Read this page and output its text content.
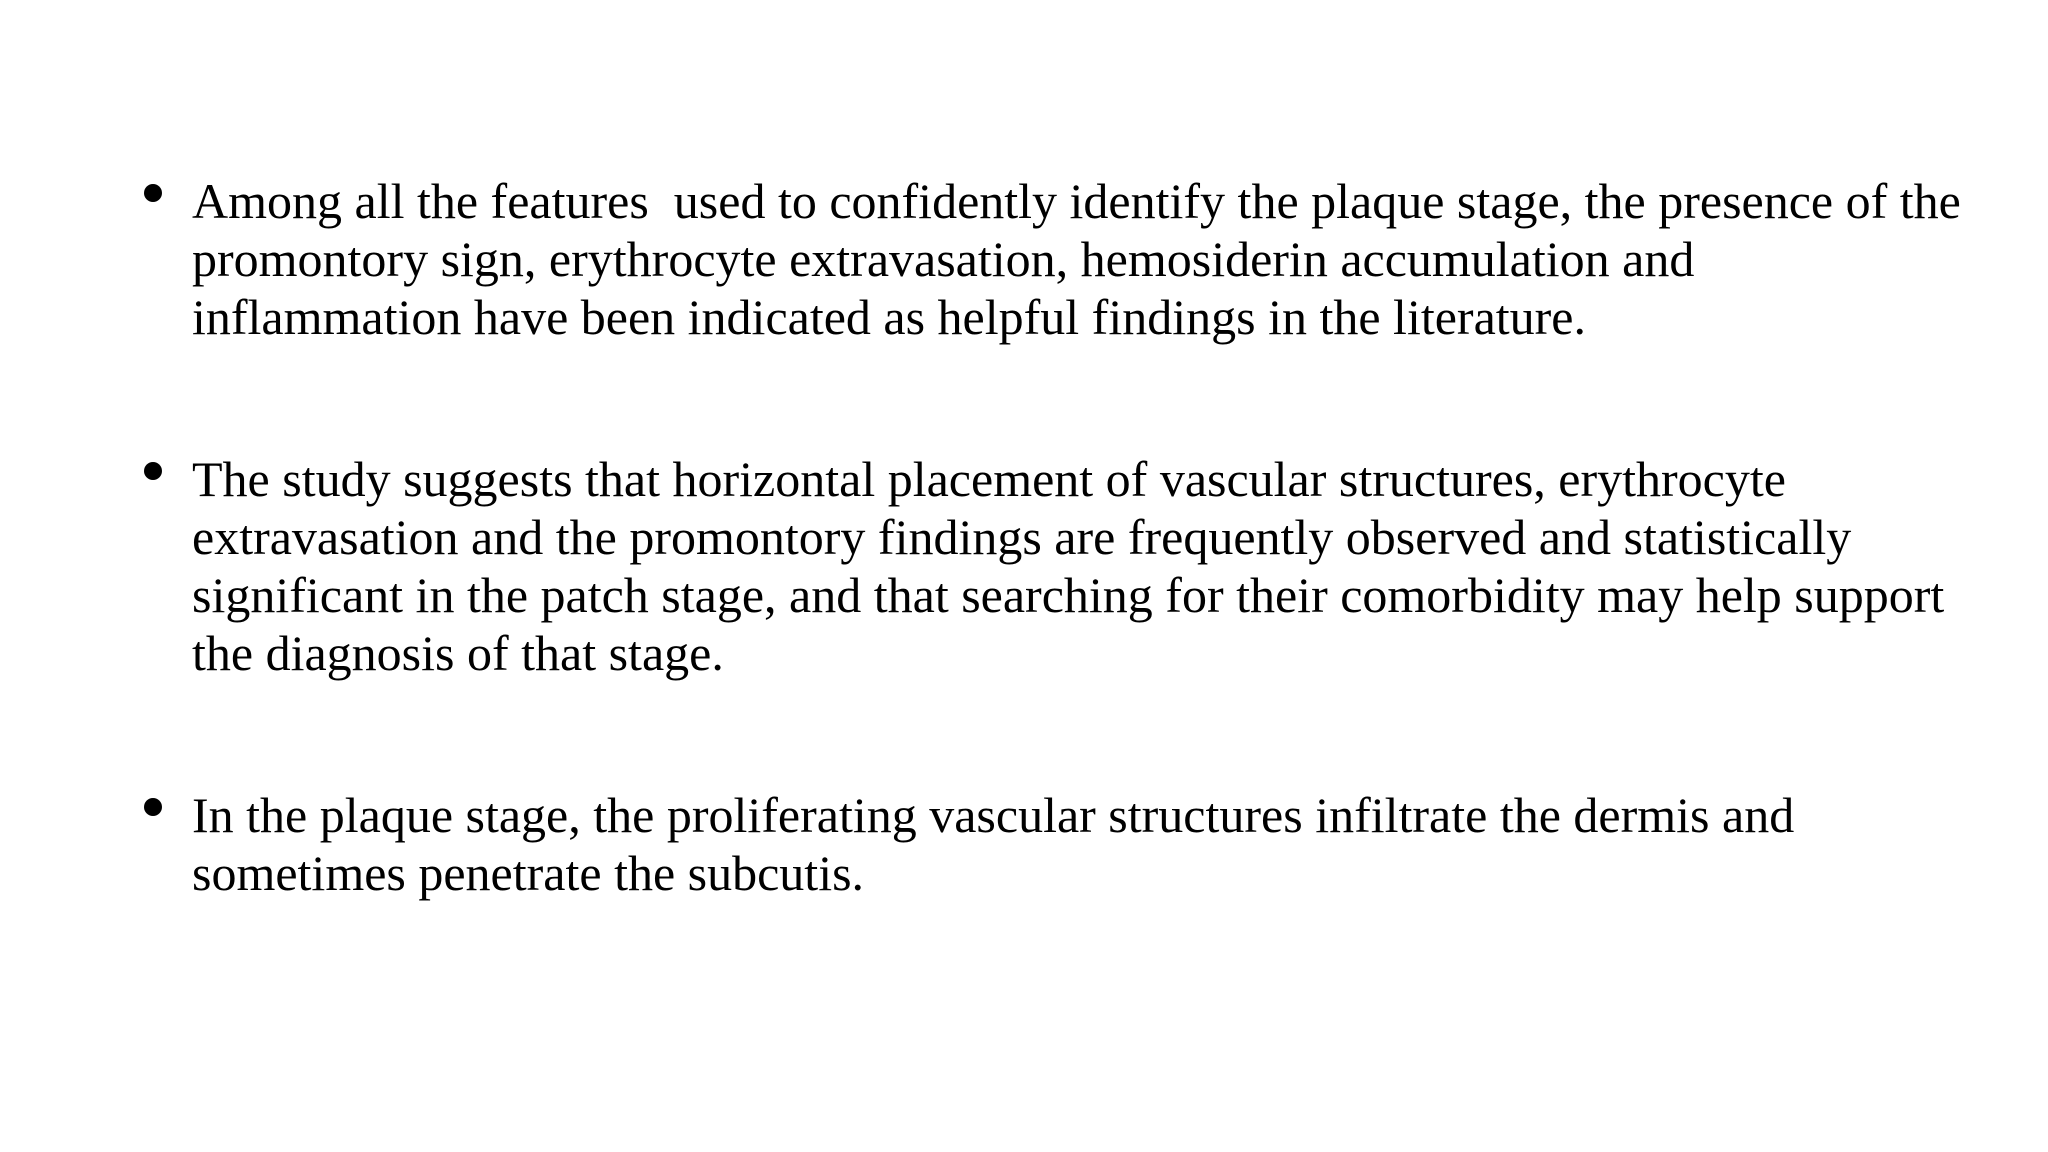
Among all the features  used to confidently identify the plaque stage, the presence of the promontory sign, erythrocyte extravasation, hemosiderin accumulation and inflammation have been indicated as helpful findings in the literature.
The study suggests that horizontal placement of vascular structures, erythrocyte extravasation and the promontory findings are frequently observed and statistically significant in the patch stage, and that searching for their comorbidity may help support the diagnosis of that stage.
In the plaque stage, the proliferating vascular structures infiltrate the dermis and sometimes penetrate the subcutis.
